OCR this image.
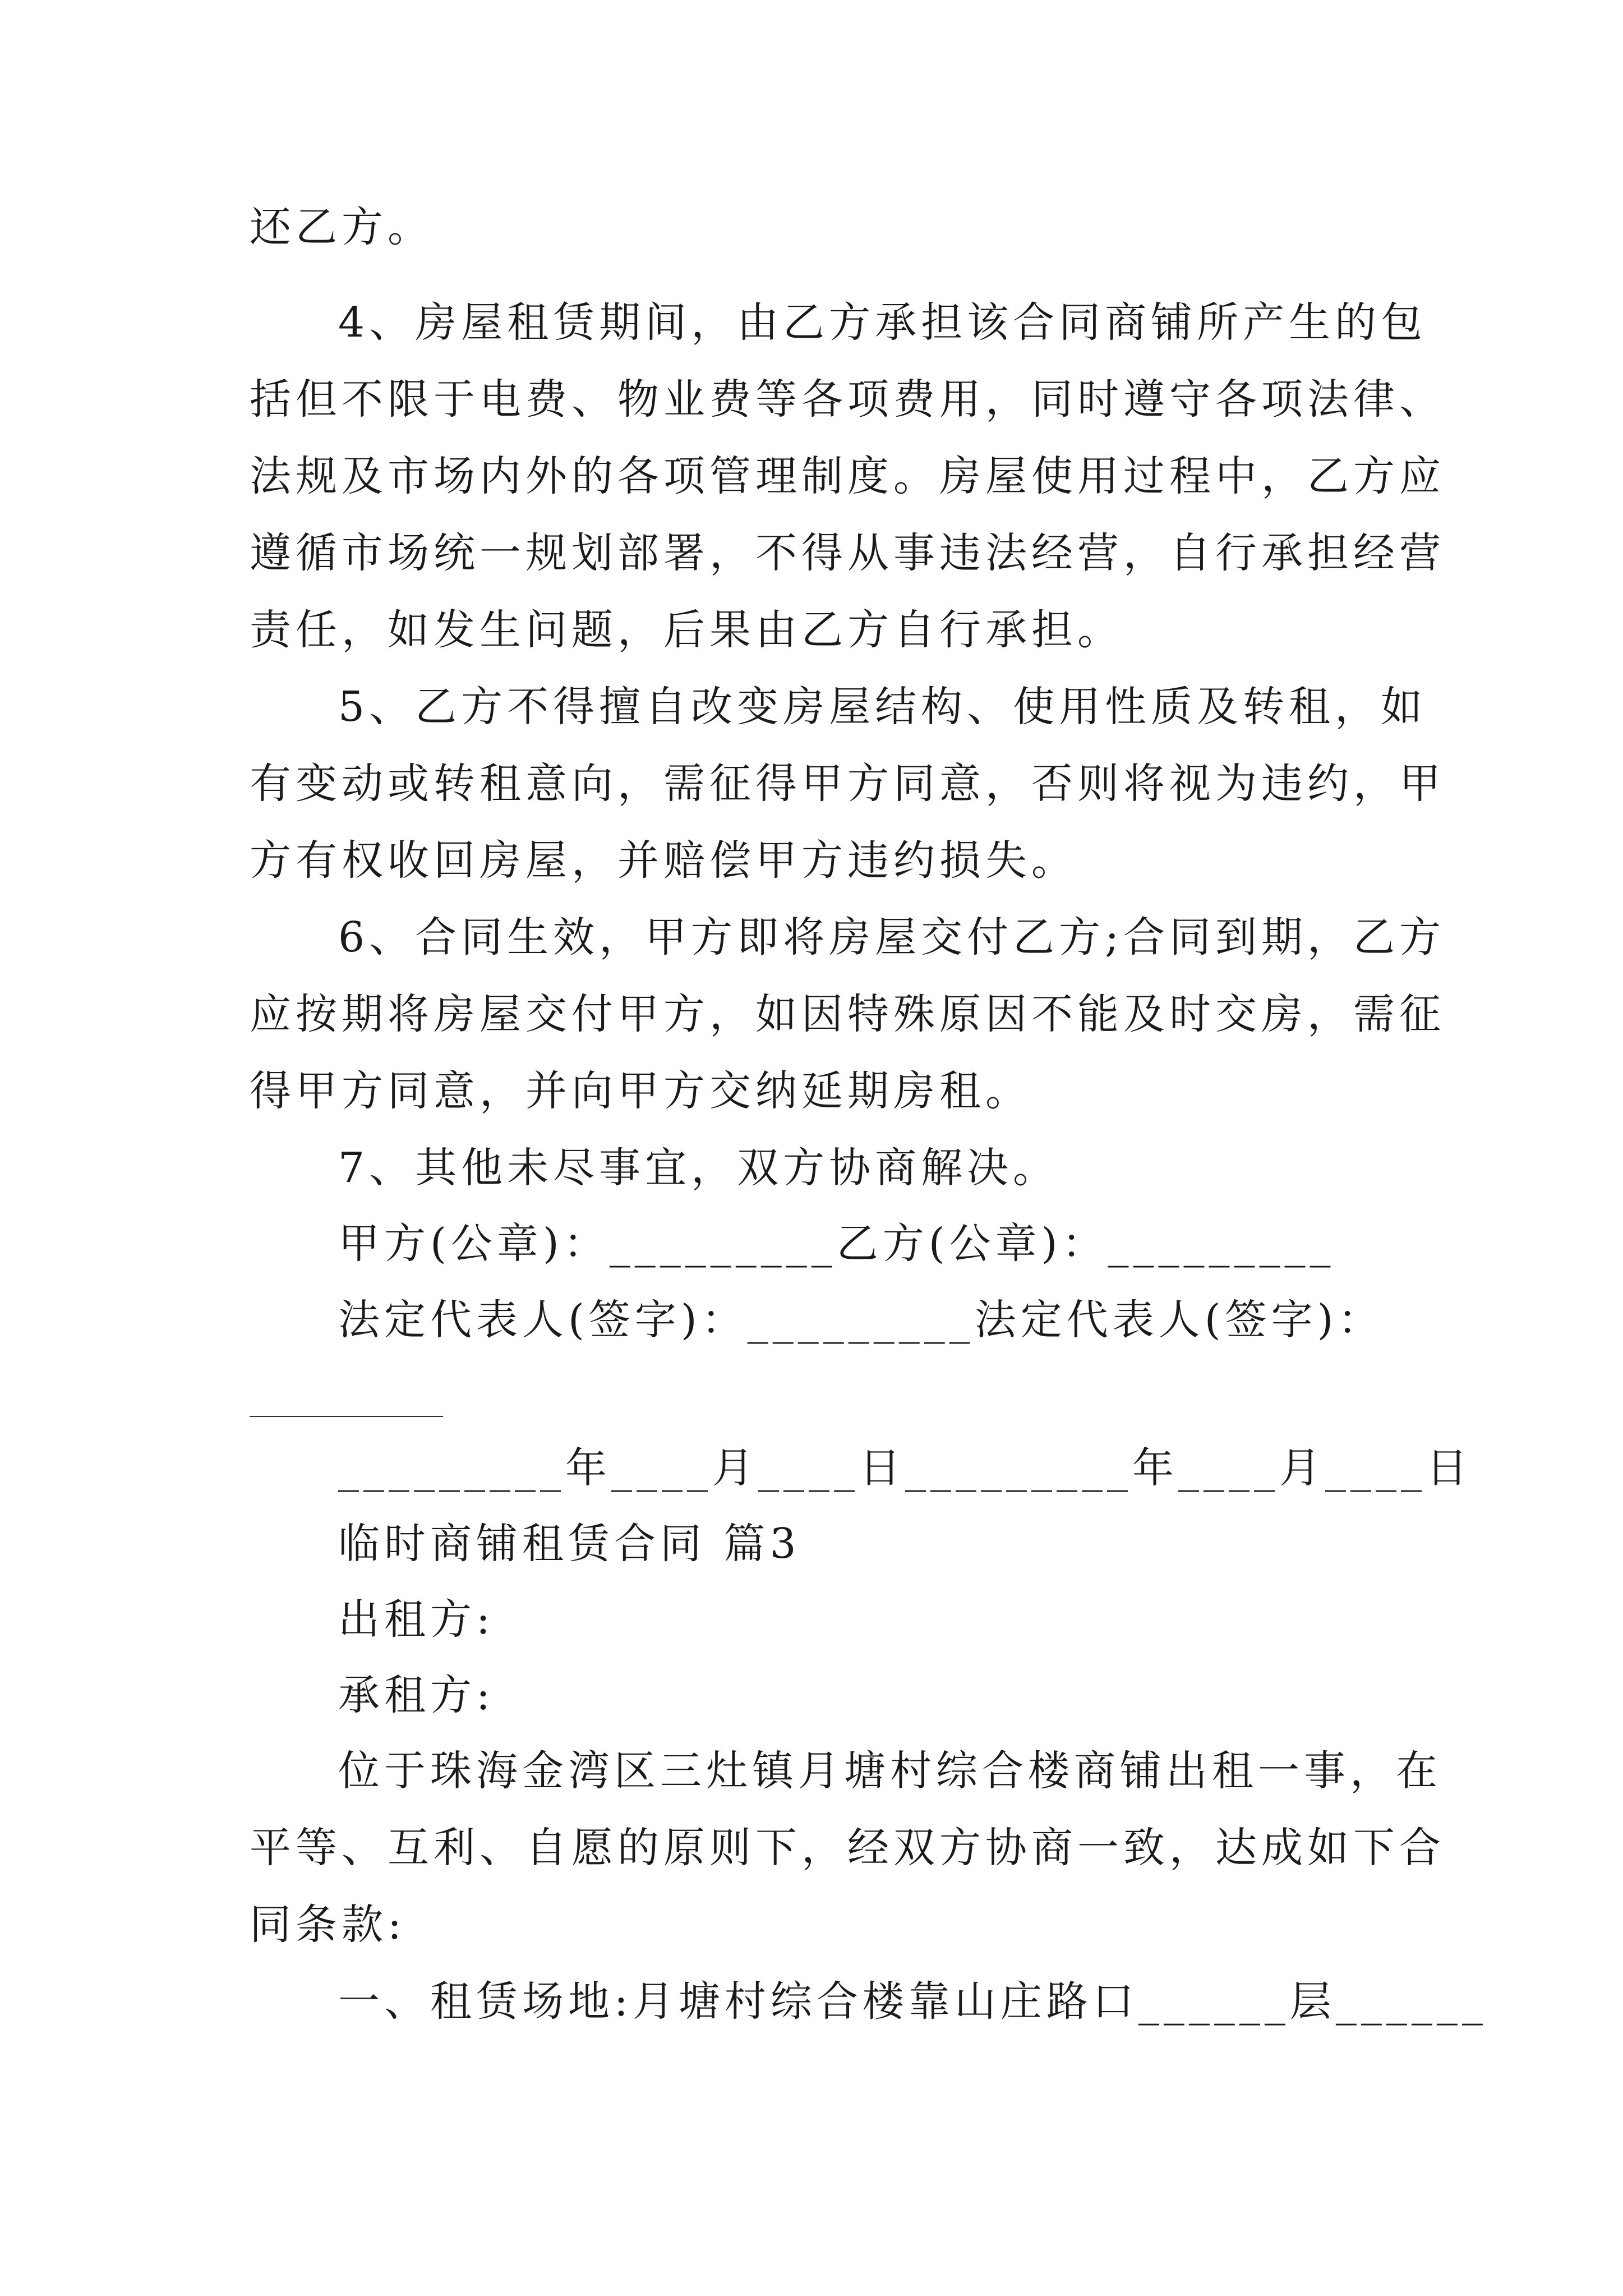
还乙方。
4、房屋租赁期间，由乙方承担该合同商铺所产生的包
括但不限于电费、物业费等各项费用，同时遵守各项法律、
法规及市场内外的各项管理制度。房屋使用过程中，乙方应
遵循市场统一规划部署，不得从事违法经营，自行承担经营
责任，如发生问题，后果由乙方自行承担。
5、乙方不得擅自改变房屋结构、使用性质及转租，如
有变动或转租意向，需征得甲方同意，否则将视为违约，甲
方有权收回房屋，并赔偿甲方违约损失。
6、合同生效，甲方即将房屋交付乙方;合同到期，乙方
应按期将房屋交付甲方，如因特殊原因不能及时交房，需征
得甲方同意，并向甲方交纳延期房租。
7、其他未尽事宜，双方协商解决。
甲方(公章)：_________乙方(公章)：_________
法定代表人(签字)：_________法定代表人(签字)：
_________年____月____日_________年____月____日
临时商铺租赁合同 篇3
出租方:
承租方:
位于珠海金湾区三灶镇月塘村综合楼商铺出租一事，在
平等、互利、自愿的原则下，经双方协商一致，达成如下合
同条款:
一、租赁场地:月塘村综合楼靠山庄路口______层______
